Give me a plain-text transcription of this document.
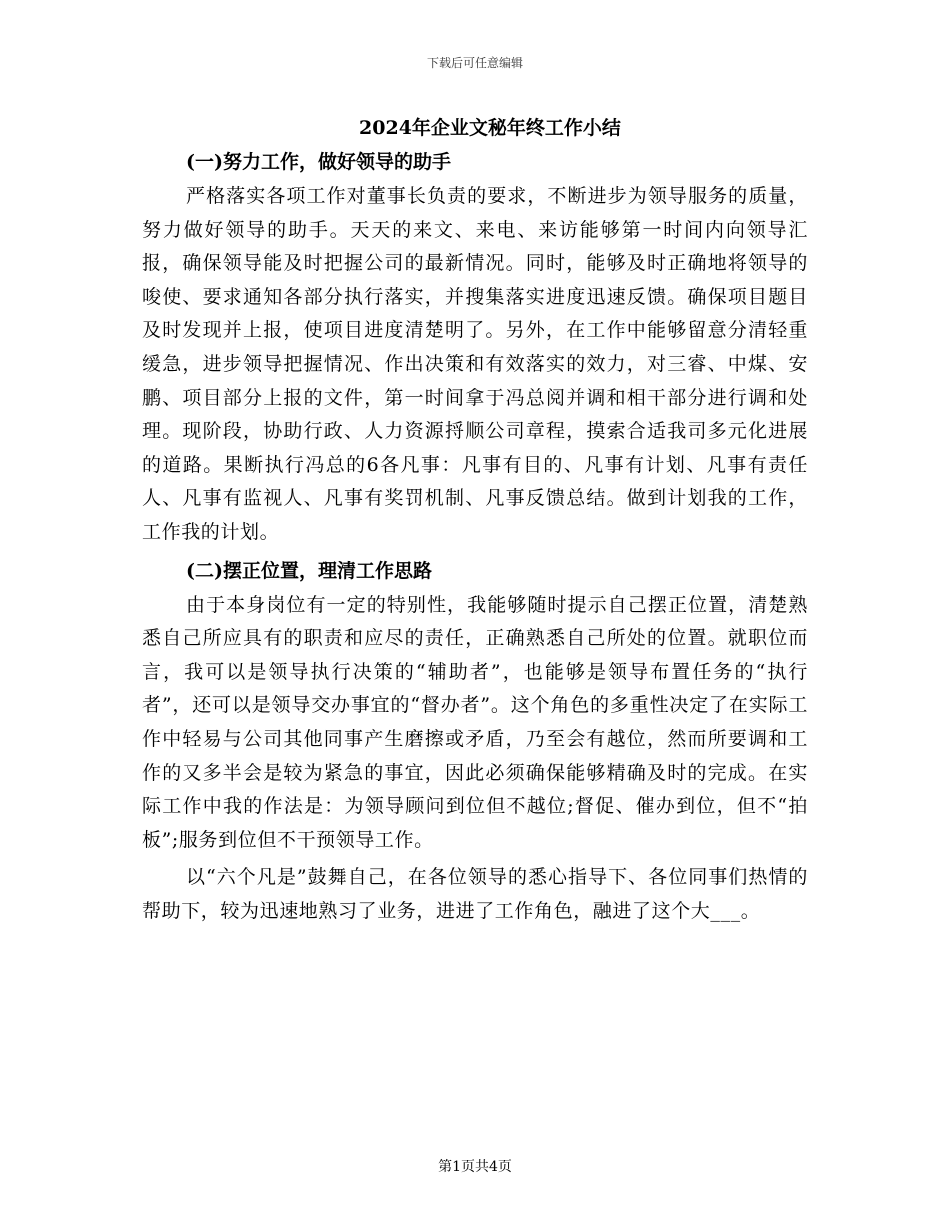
下载后可任意编辑
2024年企业文秘年终工作小结
(一)努力工作，做好领导的助手

严格落实各项工作对董事长负责的要求，不断进步为领导服务的质量，努力做好领导的助手。天天的来文、来电、来访能够第一时间内向领导汇报，确保领导能及时把握公司的最新情况。同时，能够及时正确地将领导的唆使、要求通知各部分执行落实，并搜集落实进度迅速反馈。确保项目题目及时发现并上报，使项目进度清楚明了。另外，在工作中能够留意分清轻重缓急，进步领导把握情况、作出决策和有效落实的效力，对三睿、中煤、安鹏、项目部分上报的文件，第一时间拿于冯总阅并调和相干部分进行调和处理。现阶段，协助行政、人力资源捋顺公司章程，摸索合适我司多元化进展的道路。果断执行冯总的6各凡事：凡事有目的、凡事有计划、凡事有责任人、凡事有监视人、凡事有奖罚机制、凡事反馈总结。做到计划我的工作，工作我的计划。

(二)摆正位置，理清工作思路

由于本身岗位有一定的特别性，我能够随时提示自己摆正位置，清楚熟悉自己所应具有的职责和应尽的责任，正确熟悉自己所处的位置。就职位而言，我可以是领导执行决策的“辅助者”，也能够是领导布置任务的“执行者”，还可以是领导交办事宜的“督办者”。这个角色的多重性决定了在实际工作中轻易与公司其他同事产生磨擦或矛盾，乃至会有越位，然而所要调和工作的又多半会是较为紧急的事宜，因此必须确保能够精确及时的完成。在实际工作中我的作法是：为领导顾问到位但不越位;督促、催办到位，但不“拍板”;服务到位但不干预领导工作。

以“六个凡是”鼓舞自己，在各位领导的悉心指导下、各位同事们热情的帮助下，较为迅速地熟习了业务，进进了工作角色，融进了这个大___。

第1页共4页
